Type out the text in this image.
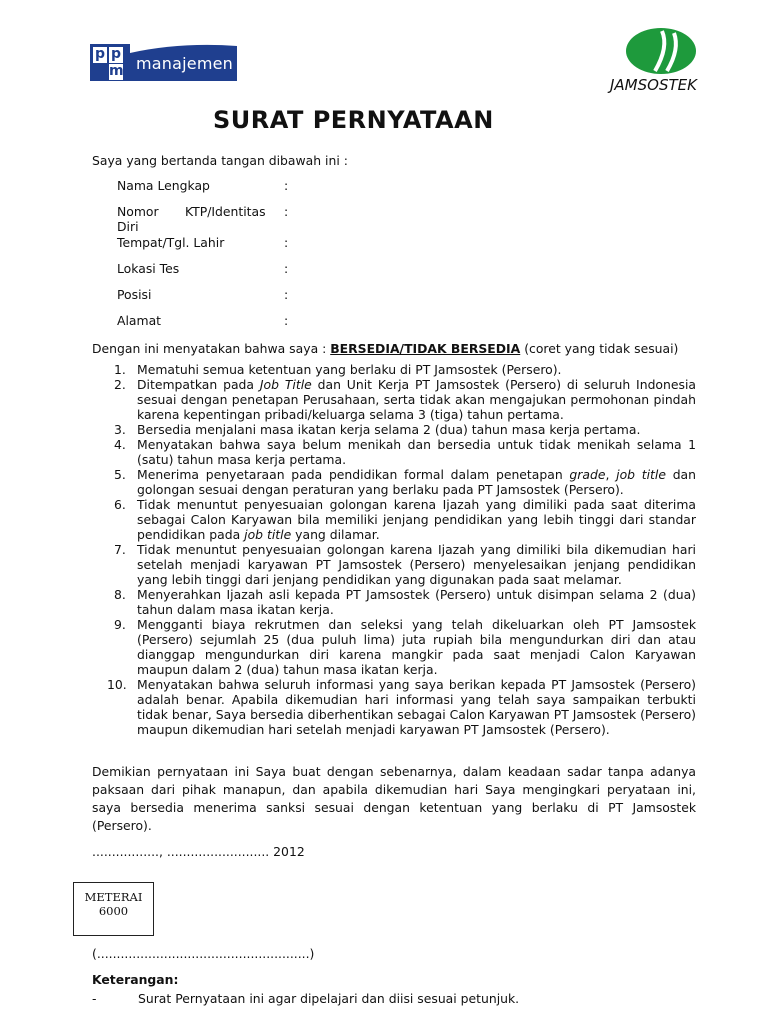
p p
m manajemen
JAMSOSTEK
SURAT PERNYATAAN
Saya yang bertanda tangan dibawah ini :
Nama Lengkap	:
Nomor KTP/Identitas
Diri
:
Tempat/Tgl. Lahir	:
Lokasi Tes	:
Posisi	:
Alamat	:
Dengan ini menyatakan bahwa saya : BERSEDIA/TIDAK BERSEDIA (coret yang tidak sesuai)
1. Mematuhi semua ketentuan yang berlaku di PT Jamsostek (Persero).
2. Ditempatkan pada Job Title dan Unit Kerja PT Jamsostek (Persero) di seluruh Indonesia sesuai dengan penetapan Perusahaan, serta tidak akan mengajukan permohonan pindah karena kepentingan pribadi/keluarga selama 3 (tiga) tahun pertama.
3. Bersedia menjalani masa ikatan kerja selama 2 (dua) tahun masa kerja pertama.
4. Menyatakan bahwa saya belum menikah dan bersedia untuk tidak menikah selama 1 (satu) tahun masa kerja pertama.
5. Menerima penyetaraan pada pendidikan formal dalam penetapan grade, job title dan golongan sesuai dengan peraturan yang berlaku pada PT Jamsostek (Persero).
6. Tidak menuntut penyesuaian golongan karena Ijazah yang dimiliki pada saat diterima sebagai Calon Karyawan bila memiliki jenjang pendidikan yang lebih tinggi dari standar pendidikan pada job title yang dilamar.
7. Tidak menuntut penyesuaian golongan karena Ijazah yang dimiliki bila dikemudian hari setelah menjadi karyawan PT Jamsostek (Persero) menyelesaikan jenjang pendidikan yang lebih tinggi dari jenjang pendidikan yang digunakan pada saat melamar.
8. Menyerahkan Ijazah asli kepada PT Jamsostek (Persero) untuk disimpan selama 2 (dua) tahun dalam masa ikatan kerja.
9. Mengganti biaya rekrutmen dan seleksi yang telah dikeluarkan oleh PT Jamsostek (Persero) sejumlah 25 (dua puluh lima) juta rupiah bila mengundurkan diri dan atau dianggap mengundurkan diri karena mangkir pada saat menjadi Calon Karyawan maupun dalam 2 (dua) tahun masa ikatan kerja.
10. Menyatakan bahwa seluruh informasi yang saya berikan kepada PT Jamsostek (Persero) adalah benar. Apabila dikemudian hari informasi yang telah saya sampaikan terbukti tidak benar, Saya bersedia diberhentikan sebagai Calon Karyawan PT Jamsostek (Persero) maupun dikemudian hari setelah menjadi karyawan PT Jamsostek (Persero).
Demikian pernyataan ini Saya buat dengan sebenarnya, dalam keadaan sadar tanpa adanya paksaan dari pihak manapun, dan apabila dikemudian hari Saya mengingkari peryataan ini, saya bersedia menerima sanksi sesuai dengan ketentuan yang berlaku di PT Jamsostek (Persero).
................., .......................... 2012
METERAI
6000
(......................................................)
Keterangan:
-	Surat Pernyataan ini agar dipelajari dan diisi sesuai petunjuk.
